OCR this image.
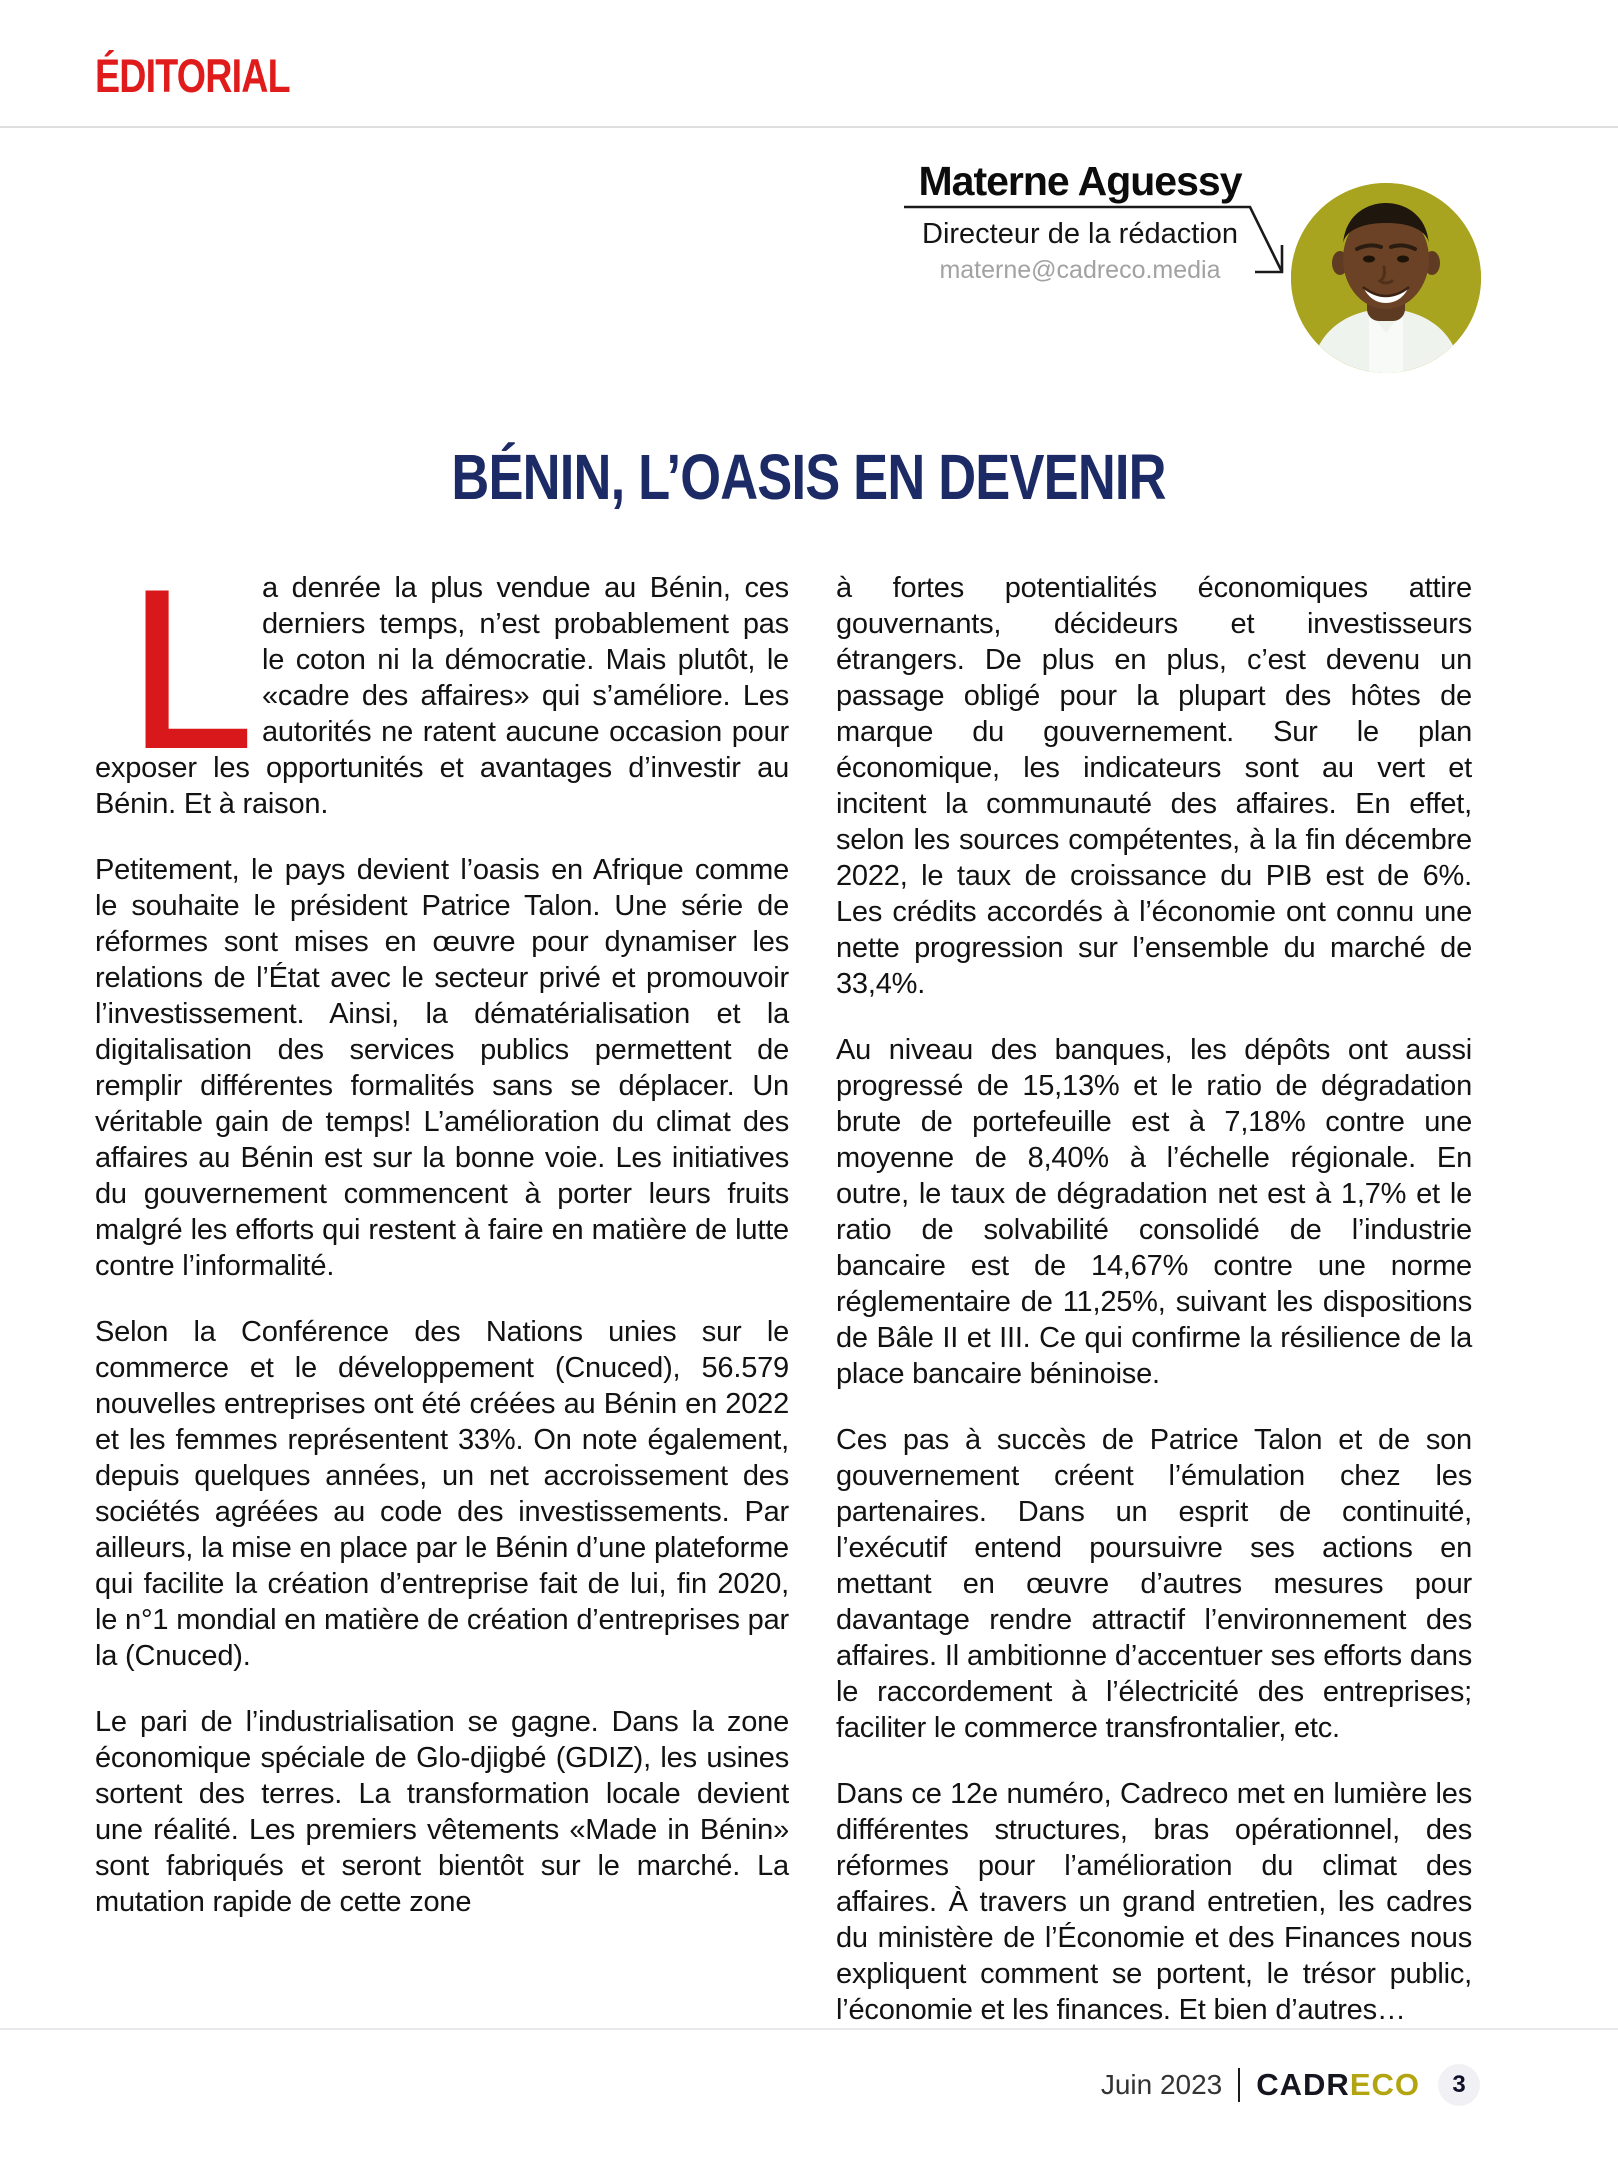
ÉDITORIAL
Materne Aguessy
Directeur de la rédaction
materne@cadreco.media
BÉNIN, L’OASIS EN DEVENIR
L a denrée la plus vendue au Bénin, ces derniers temps, n’est probablement pas le coton ni la démocratie. Mais plutôt, le «cadre des affaires» qui s’améliore. Les autorités ne ratent aucune occasion pour exposer les opportunités et avantages d’investir au Bénin. Et à raison.

Petitement, le pays devient l’oasis en Afrique comme le souhaite le président Patrice Talon. Une série de réformes sont mises en œuvre pour dynamiser les relations de l’État avec le secteur privé et promouvoir l’investissement. Ainsi, la dématérialisation et la digitalisation des services publics permettent de remplir différentes formalités sans se déplacer. Un véritable gain de temps! L’amélioration du climat des affaires au Bénin est sur la bonne voie. Les initiatives du gouvernement commencent à porter leurs fruits malgré les efforts qui restent à faire en matière de lutte contre l’informalité.

Selon la Conférence des Nations unies sur le commerce et le développement (Cnuced), 56.579 nouvelles entreprises ont été créées au Bénin en 2022 et les femmes représentent 33%. On note également, depuis quelques années, un net accroissement des sociétés agréées au code des investissements. Par ailleurs, la mise en place par le Bénin d’une plateforme qui facilite la création d’entreprise fait de lui, fin 2020, le n°1 mondial en matière de création d’entreprises par la (Cnuced).

Le pari de l’industrialisation se gagne. Dans la zone économique spéciale de Glo-djigbé (GDIZ), les usines sortent des terres. La transformation locale devient une réalité. Les premiers vêtements «Made in Bénin» sont fabriqués et seront bientôt sur le marché. La mutation rapide de cette zone

à fortes potentialités économiques attire gouvernants, décideurs et investisseurs étrangers. De plus en plus, c’est devenu un passage obligé pour la plupart des hôtes de marque du gouvernement. Sur le plan économique, les indicateurs sont au vert et incitent la communauté des affaires. En effet, selon les sources compétentes, à la fin décembre 2022, le taux de croissance du PIB est de 6%. Les crédits accordés à l’économie ont connu une nette progression sur l’ensemble du marché de 33,4%.

Au niveau des banques, les dépôts ont aussi progressé de 15,13% et le ratio de dégradation brute de portefeuille est à 7,18% contre une moyenne de 8,40% à l’échelle régionale. En outre, le taux de dégradation net est à 1,7% et le ratio de solvabilité consolidé de l’industrie bancaire est de 14,67% contre une norme réglementaire de 11,25%, suivant les dispositions de Bâle II et III. Ce qui confirme la résilience de la place bancaire béninoise.

Ces pas à succès de Patrice Talon et de son gouvernement créent l’émulation chez les partenaires. Dans un esprit de continuité, l’exécutif entend poursuivre ses actions en mettant en œuvre d’autres mesures pour davantage rendre attractif l’environnement des affaires. Il ambitionne d’accentuer ses efforts dans le raccordement à l’électricité des entreprises; faciliter le commerce transfrontalier, etc.

Dans ce 12e numéro, Cadreco met en lumière les différentes structures, bras opérationnel, des réformes pour l’amélioration du climat des affaires. À travers un grand entretien, les cadres du ministère de l’Économie et des Finances nous expliquent comment se portent, le trésor public, l’économie et les finances. Et bien d’autres…

Juin 2023 CADRECO	3
